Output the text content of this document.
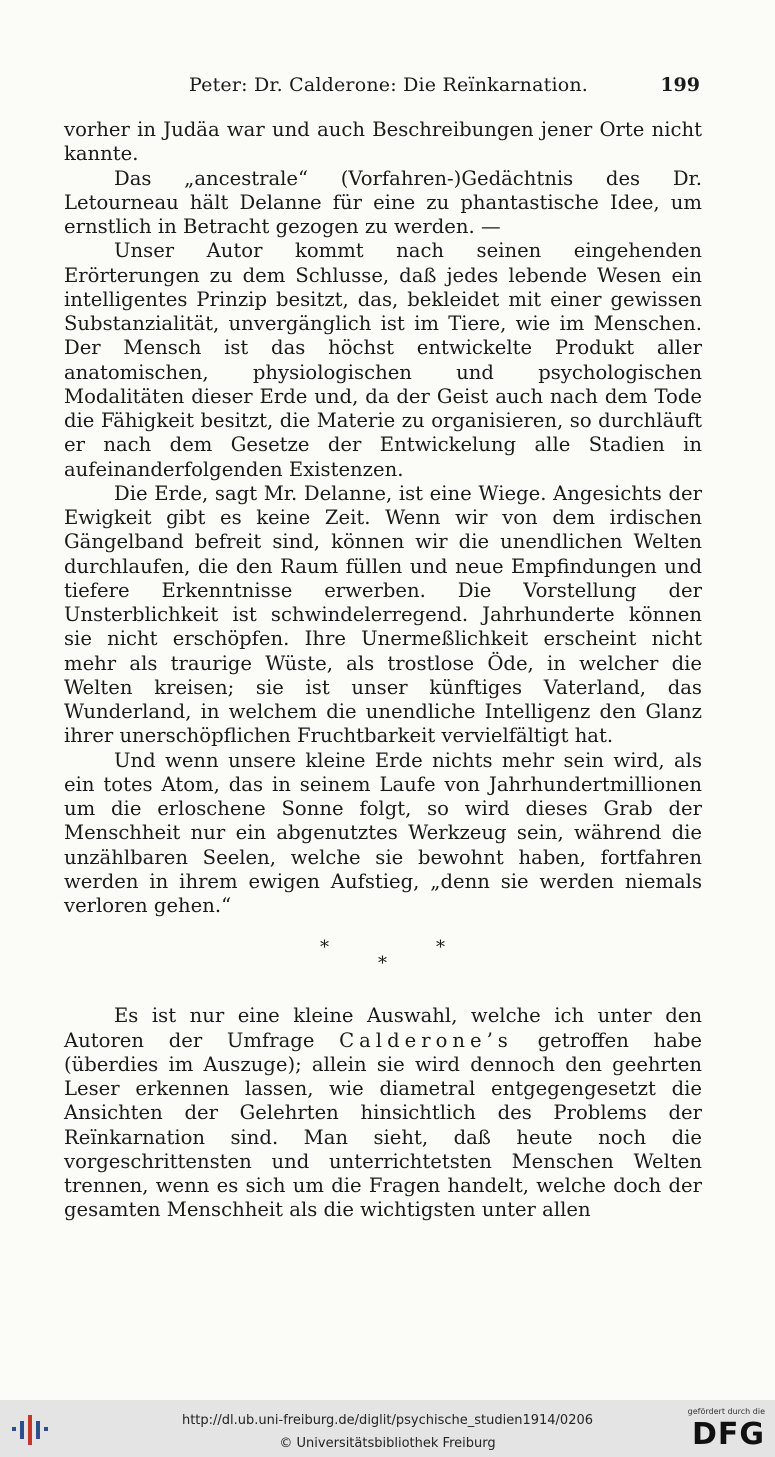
Peter: Dr. Calderone: Die Reïnkarnation.	199

vorher in Judäa war und auch Beschreibungen jener Orte nicht kannte.

Das „ancestrale“ (Vorfahren-)Gedächtnis des Dr. Letourneau hält Delanne für eine zu phantastische Idee, um ernstlich in Betracht gezogen zu werden. —

Unser Autor kommt nach seinen eingehenden Erörterungen zu dem Schlusse, daß jedes lebende Wesen ein intelligentes Prinzip besitzt, das, bekleidet mit einer gewissen Substanzialität, unvergänglich ist im Tiere, wie im Menschen. Der Mensch ist das höchst entwickelte Produkt aller anatomischen, physiologischen und psychologischen Modalitäten dieser Erde und, da der Geist auch nach dem Tode die Fähigkeit besitzt, die Materie zu organisieren, so durchläuft er nach dem Gesetze der Entwickelung alle Stadien in aufeinanderfolgenden Existenzen.

Die Erde, sagt Mr. Delanne, ist eine Wiege. Angesichts der Ewigkeit gibt es keine Zeit. Wenn wir von dem irdischen Gängelband befreit sind, können wir die unendlichen Welten durchlaufen, die den Raum füllen und neue Empfindungen und tiefere Erkenntnisse erwerben. Die Vorstellung der Unsterblichkeit ist schwindelerregend. Jahrhunderte können sie nicht erschöpfen. Ihre Unermeßlichkeit erscheint nicht mehr als traurige Wüste, als trostlose Öde, in welcher die Welten kreisen; sie ist unser künftiges Vaterland, das Wunderland, in welchem die unendliche Intelligenz den Glanz ihrer unerschöpflichen Fruchtbarkeit vervielfältigt hat.

Und wenn unsere kleine Erde nichts mehr sein wird, als ein totes Atom, das in seinem Laufe von Jahrhundertmillionen um die erloschene Sonne folgt, so wird dieses Grab der Menschheit nur ein abgenutztes Werkzeug sein, während die unzählbaren Seelen, welche sie bewohnt haben, fortfahren werden in ihrem ewigen Aufstieg, „denn sie werden niemals verloren gehen.“

*	*
*

Es ist nur eine kleine Auswahl, welche ich unter den Autoren der Umfrage Calderone’s getroffen habe (überdies im Auszuge); allein sie wird dennoch den geehrten Leser erkennen lassen, wie diametral entgegengesetzt die Ansichten der Gelehrten hinsichtlich des Problems der Reïnkarnation sind. Man sieht, daß heute noch die vorgeschrittensten und unterrichtetsten Menschen Welten trennen, wenn es sich um die Fragen handelt, welche doch der gesamten Menschheit als die wichtigsten unter allen

http://dl.ub.uni-freiburg.de/diglit/psychische_studien1914/0206
© Universitätsbibliothek Freiburg
gefördert durch die
DFG
